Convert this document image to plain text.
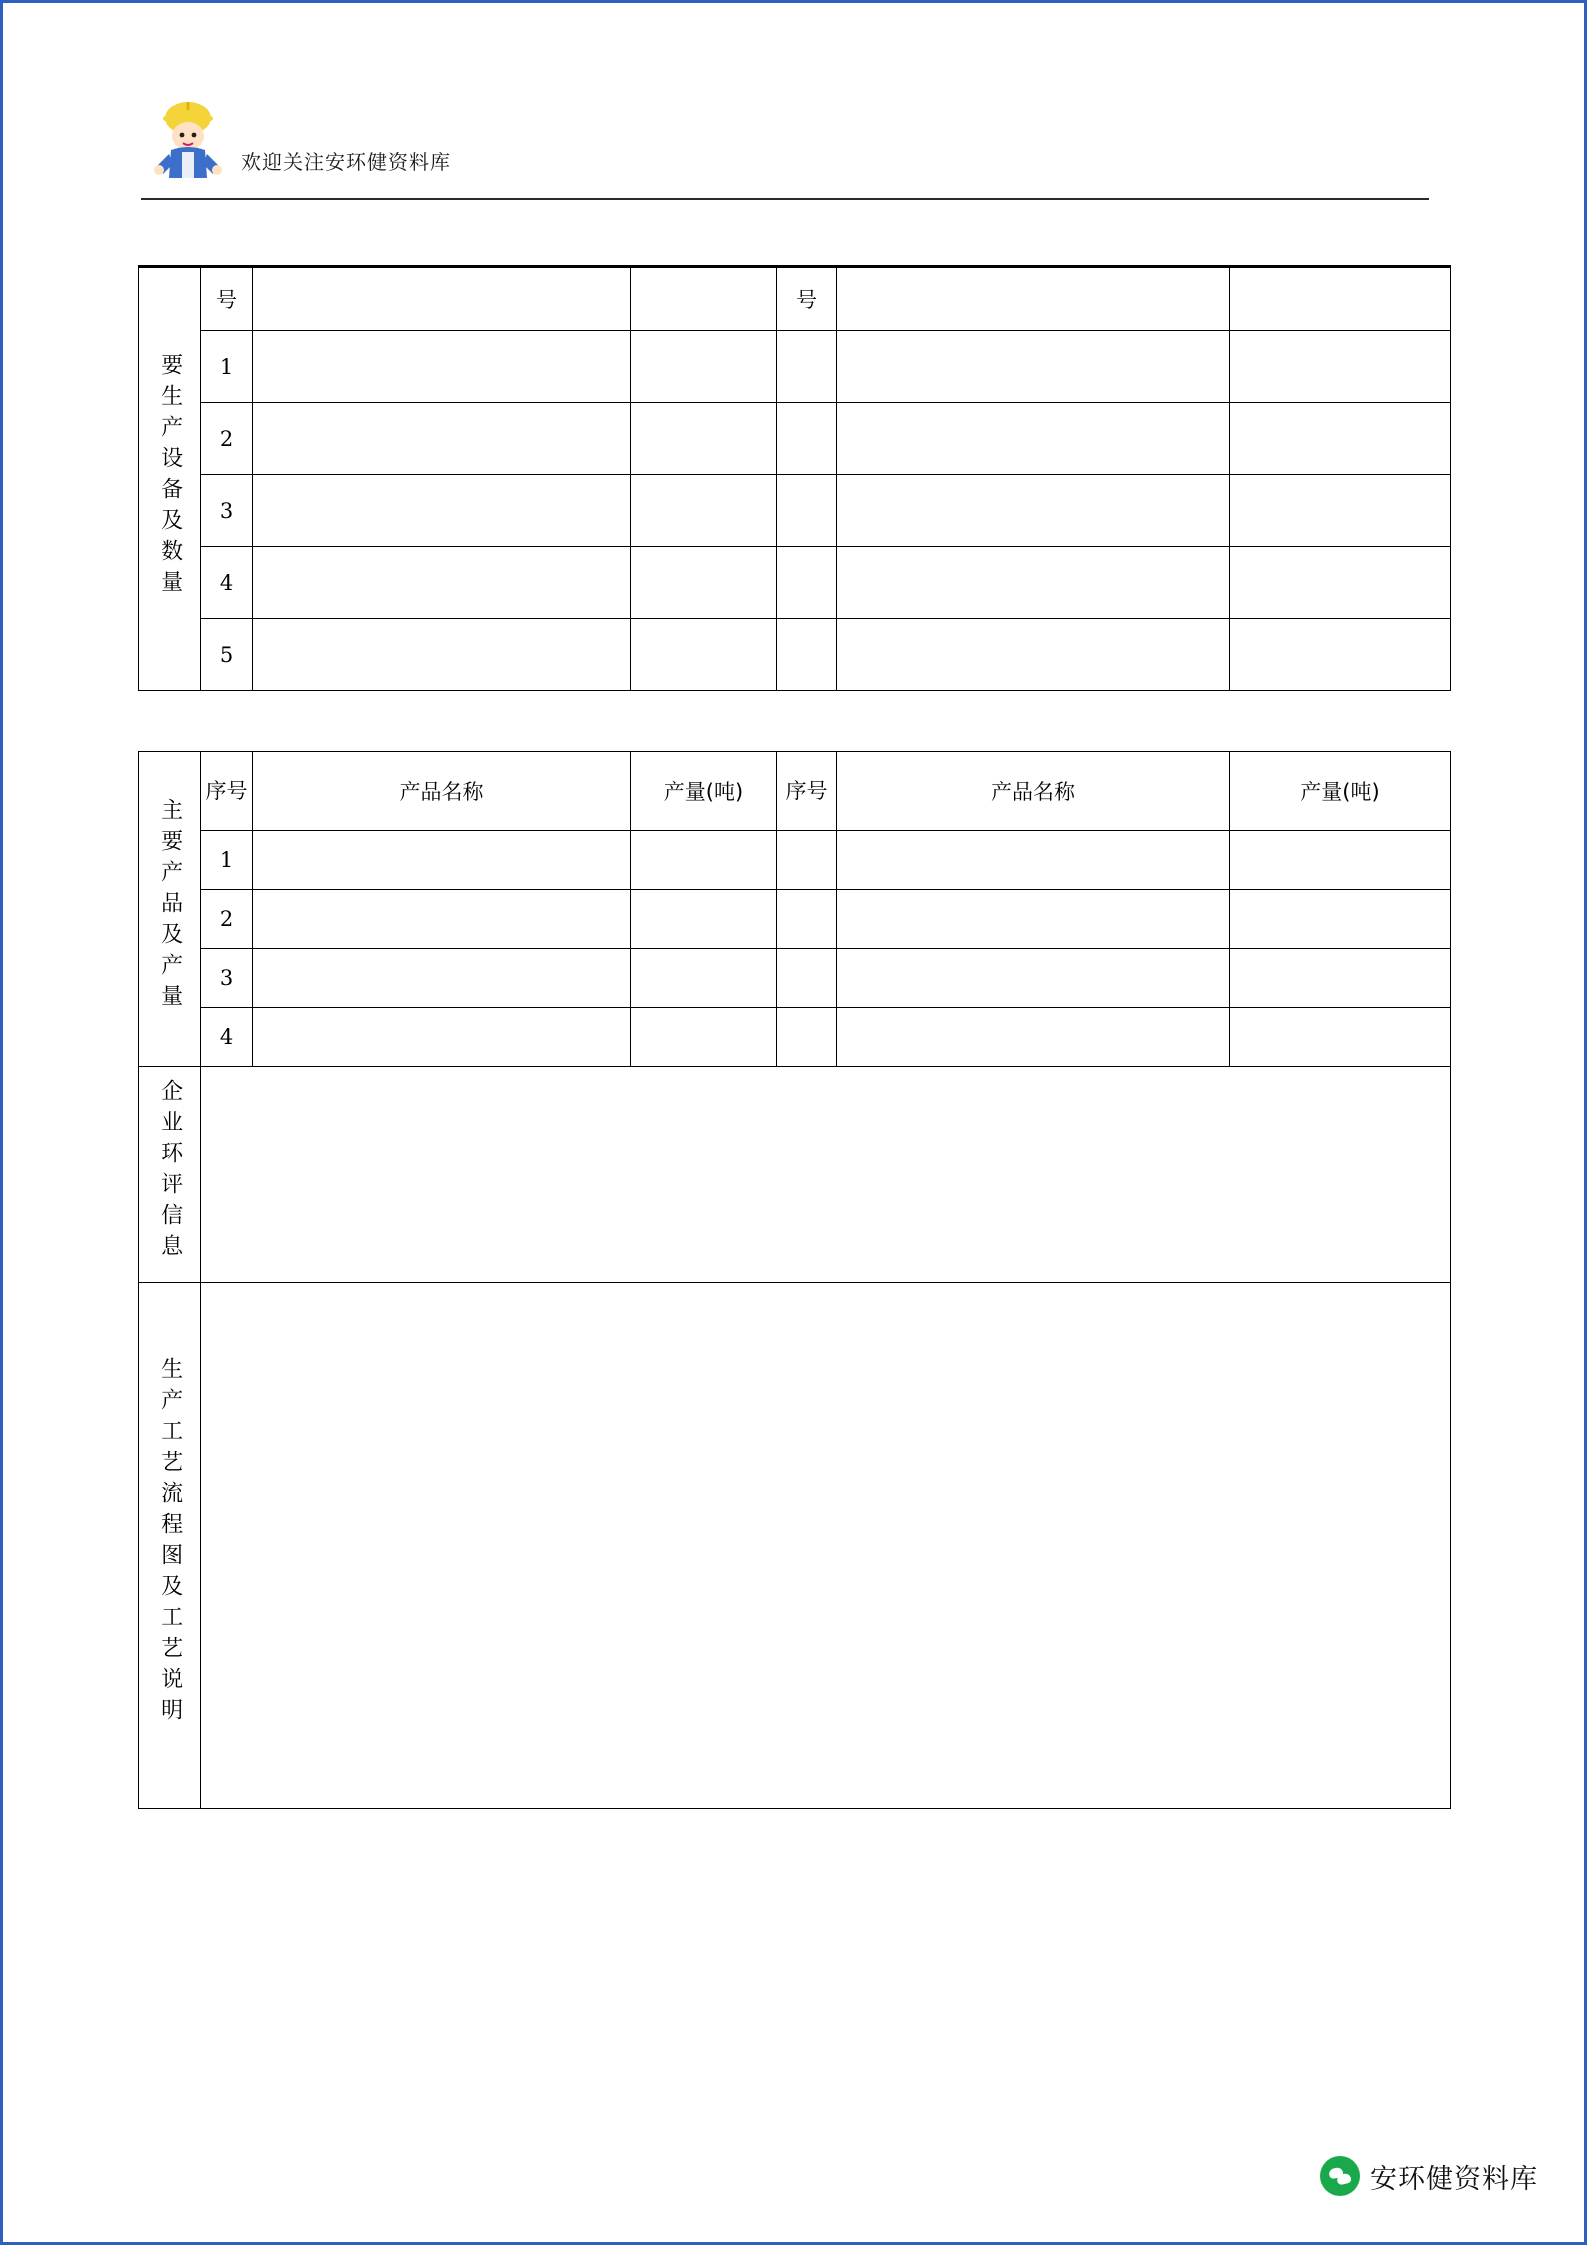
欢迎关注安环健资料库
要生产设备及数量	号			号		
	1					
	2					
	3					
	4					
	5					
主要产品及产量	序号	产品名称	产量(吨)	序号	产品名称	产量(吨)
	1					
	2					
	3					
	4					
企业环评信息						
生产工艺流程图及工艺说明						
安环健资料库
